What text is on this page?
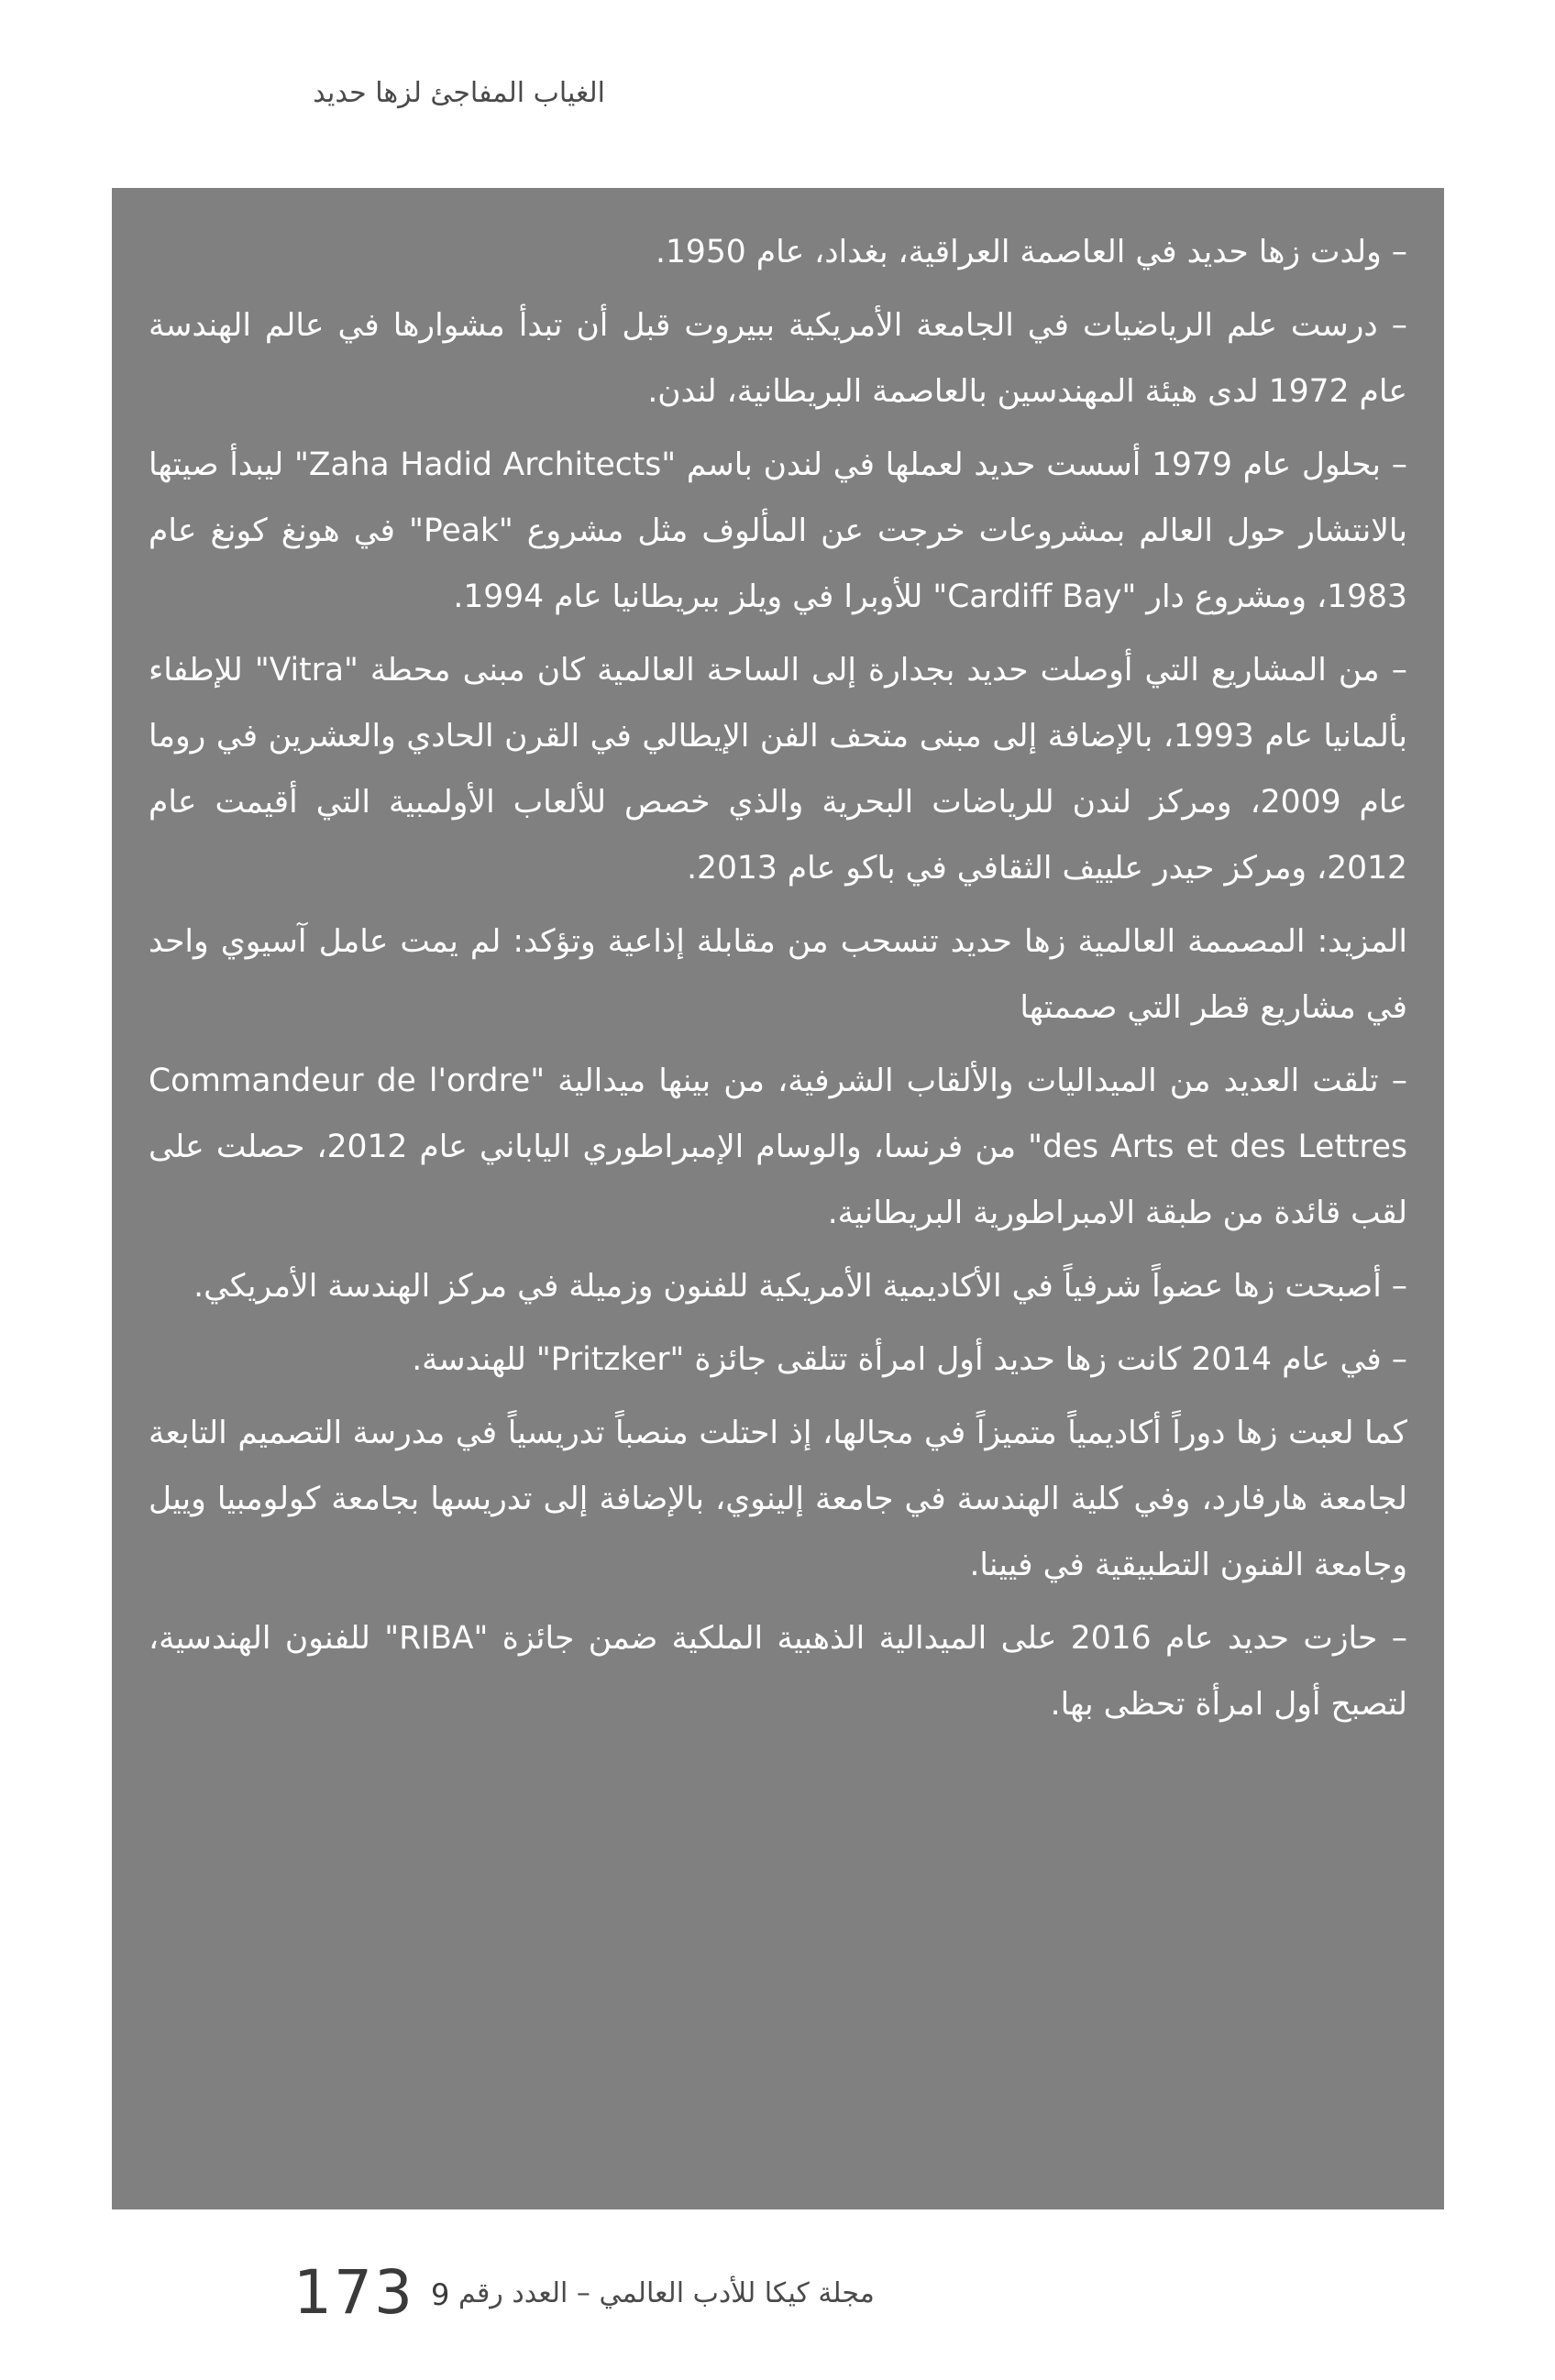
الغياب المفاجئ لزها حديد

– ولدت زها حديد في العاصمة العراقية، بغداد، عام 1950.

– درست علم الرياضيات في الجامعة الأمريكية ببيروت قبل أن تبدأ مشوارها في عالم الهندسة عام 1972 لدى هيئة المهندسين بالعاصمة البريطانية، لندن.

– بحلول عام 1979 أسست حديد لعملها في لندن باسم "Zaha Hadid Architects" ليبدأ صيتها بالانتشار حول العالم بمشروعات خرجت عن المألوف مثل مشروع "Peak" في هونغ كونغ عام 1983، ومشروع دار "Cardiff Bay" للأوبرا في ويلز ببريطانيا عام 1994.

– من المشاريع التي أوصلت حديد بجدارة إلى الساحة العالمية كان مبنى محطة "Vitra" للإطفاء بألمانيا عام 1993، بالإضافة إلى مبنى متحف الفن الإيطالي في القرن الحادي والعشرين في روما عام 2009، ومركز لندن للرياضات البحرية والذي خصص للألعاب الأولمبية التي أقيمت عام 2012، ومركز حيدر علييف الثقافي في باكو عام 2013.

المزيد: المصممة العالمية زها حديد تنسحب من مقابلة إذاعية وتؤكد: لم يمت عامل آسيوي واحد في مشاريع قطر التي صممتها

– تلقت العديد من الميداليات والألقاب الشرفية، من بينها ميدالية "Commandeur de l'ordre des Arts et des Lettres" من فرنسا، والوسام الإمبراطوري الياباني عام 2012، حصلت على لقب قائدة من طبقة الامبراطورية البريطانية.

– أصبحت زها عضواً شرفياً في الأكاديمية الأمريكية للفنون وزميلة في مركز الهندسة الأمريكي.

– في عام 2014 كانت زها حديد أول امرأة تتلقى جائزة "Pritzker" للهندسة.

كما لعبت زها دوراً أكاديمياً متميزاً في مجالها، إذ احتلت منصباً تدريسياً في مدرسة التصميم التابعة لجامعة هارفارد، وفي كلية الهندسة في جامعة إلينوي، بالإضافة إلى تدريسها بجامعة كولومبيا وييل وجامعة الفنون التطبيقية في فيينا.

– حازت حديد عام 2016 على الميدالية الذهبية الملكية ضمن جائزة "RIBA" للفنون الهندسية، لتصبح أول امرأة تحظى بها.

173 9 مجلة كيكا للأدب العالمي – العدد رقم
